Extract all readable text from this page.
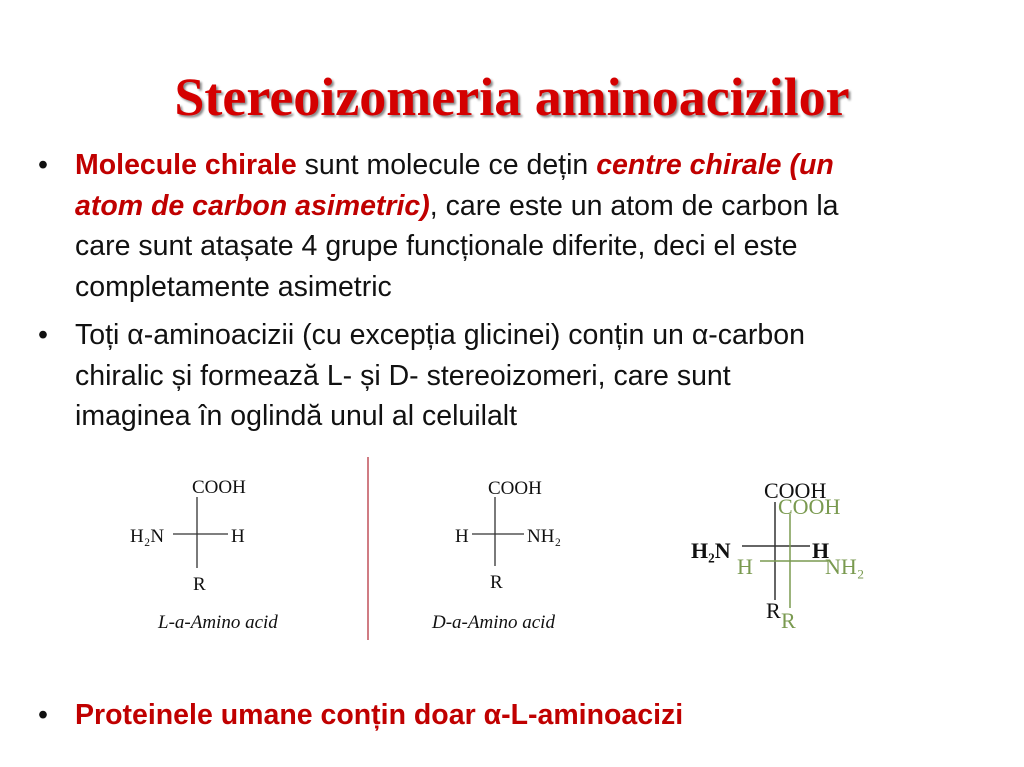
Stereoizomeria aminoacizilor
• Molecule chirale sunt molecule ce dețin centre chirale (un
atom de carbon asimetric), care este un atom de carbon la
care sunt atașate 4 grupe funcționale diferite, deci el este
completamente asimetric
• Toți α-aminoacizii (cu excepția glicinei) conțin un α-carbon
chiralic și formează L- și D- stereoizomeri, care sunt
imaginea în oglindă unul al celuilalt
COOH
H₂N	H
R
L-a-Amino acid
COOH
H	NH₂
R
D-a-Amino acid
COOH
H₂N	H
R
COOH
H	NH₂
R
• Proteinele umane conțin doar α-L-aminoacizi
